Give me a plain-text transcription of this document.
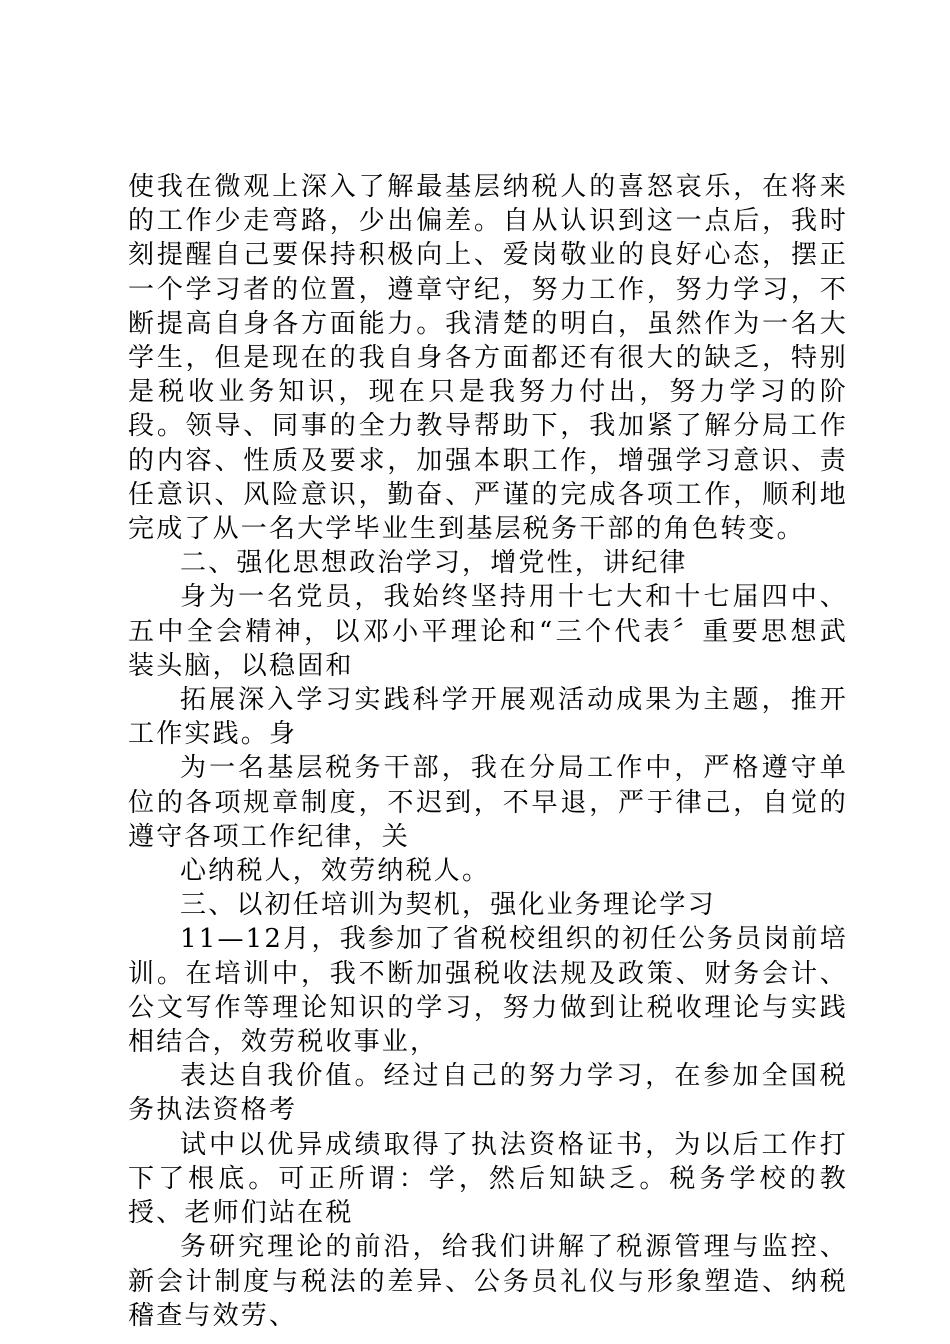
使我在微观上深入了解最基层纳税人的喜怒哀乐，在将来的工作少走弯路，少出偏差。自从认识到这一点后，我时刻提醒自己要保持积极向上、爱岗敬业的良好心态，摆正一个学习者的位置，遵章守纪，努力工作，努力学习，不断提高自身各方面能力。我清楚的明白，虽然作为一名大学生，但是现在的我自身各方面都还有很大的缺乏，特别是税收业务知识，现在只是我努力付出，努力学习的阶段。领导、同事的全力教导帮助下，我加紧了解分局工作的内容、性质及要求，加强本职工作，增强学习意识、责任意识、风险意识，勤奋、严谨的完成各项工作，顺利地完成了从一名大学毕业生到基层税务干部的角色转变。

二、强化思想政治学习，增党性，讲纪律

身为一名党员，我始终坚持用十七大和十七届四中、五中全会精神，以邓小平理论和“三个代表〞重要思想武装头脑，以稳固和

拓展深入学习实践科学开展观活动成果为主题，推开工作实践。身

为一名基层税务干部，我在分局工作中，严格遵守单位的各项规章制度，不迟到，不早退，严于律己，自觉的遵守各项工作纪律，关

心纳税人，效劳纳税人。

三、以初任培训为契机，强化业务理论学习

11—12月，我参加了省税校组织的初任公务员岗前培训。在培训中，我不断加强税收法规及政策、财务会计、公文写作等理论知识的学习，努力做到让税收理论与实践相结合，效劳税收事业，

表达自我价值。经过自己的努力学习，在参加全国税务执法资格考

试中以优异成绩取得了执法资格证书，为以后工作打下了根底。可正所谓：学，然后知缺乏。税务学校的教授、老师们站在税

务研究理论的前沿，给我们讲解了税源管理与监控、新会计制度与税法的差异、公务员礼仪与形象塑造、纳税稽查与效劳、
